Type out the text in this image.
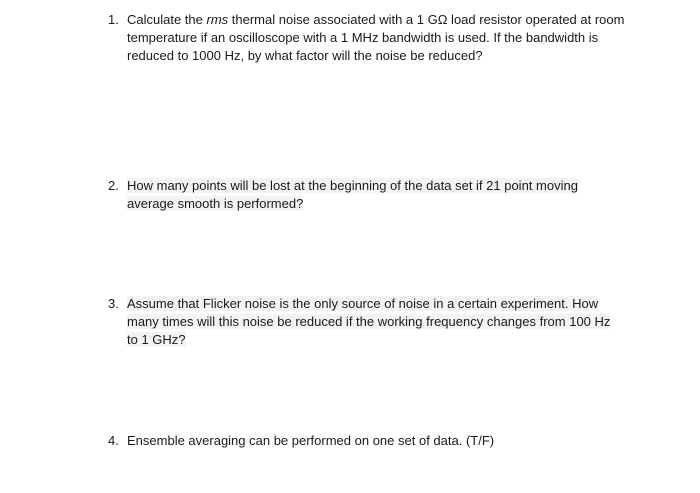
1. Calculate the rms thermal noise associated with a 1 GΩ load resistor operated at room temperature if an oscilloscope with a 1 MHz bandwidth is used. If the bandwidth is reduced to 1000 Hz, by what factor will the noise be reduced?
2. How many points will be lost at the beginning of the data set if 21 point moving average smooth is performed?
3. Assume that Flicker noise is the only source of noise in a certain experiment. How many times will this noise be reduced if the working frequency changes from 100 Hz to 1 GHz?
4. Ensemble averaging can be performed on one set of data. (T/F)
